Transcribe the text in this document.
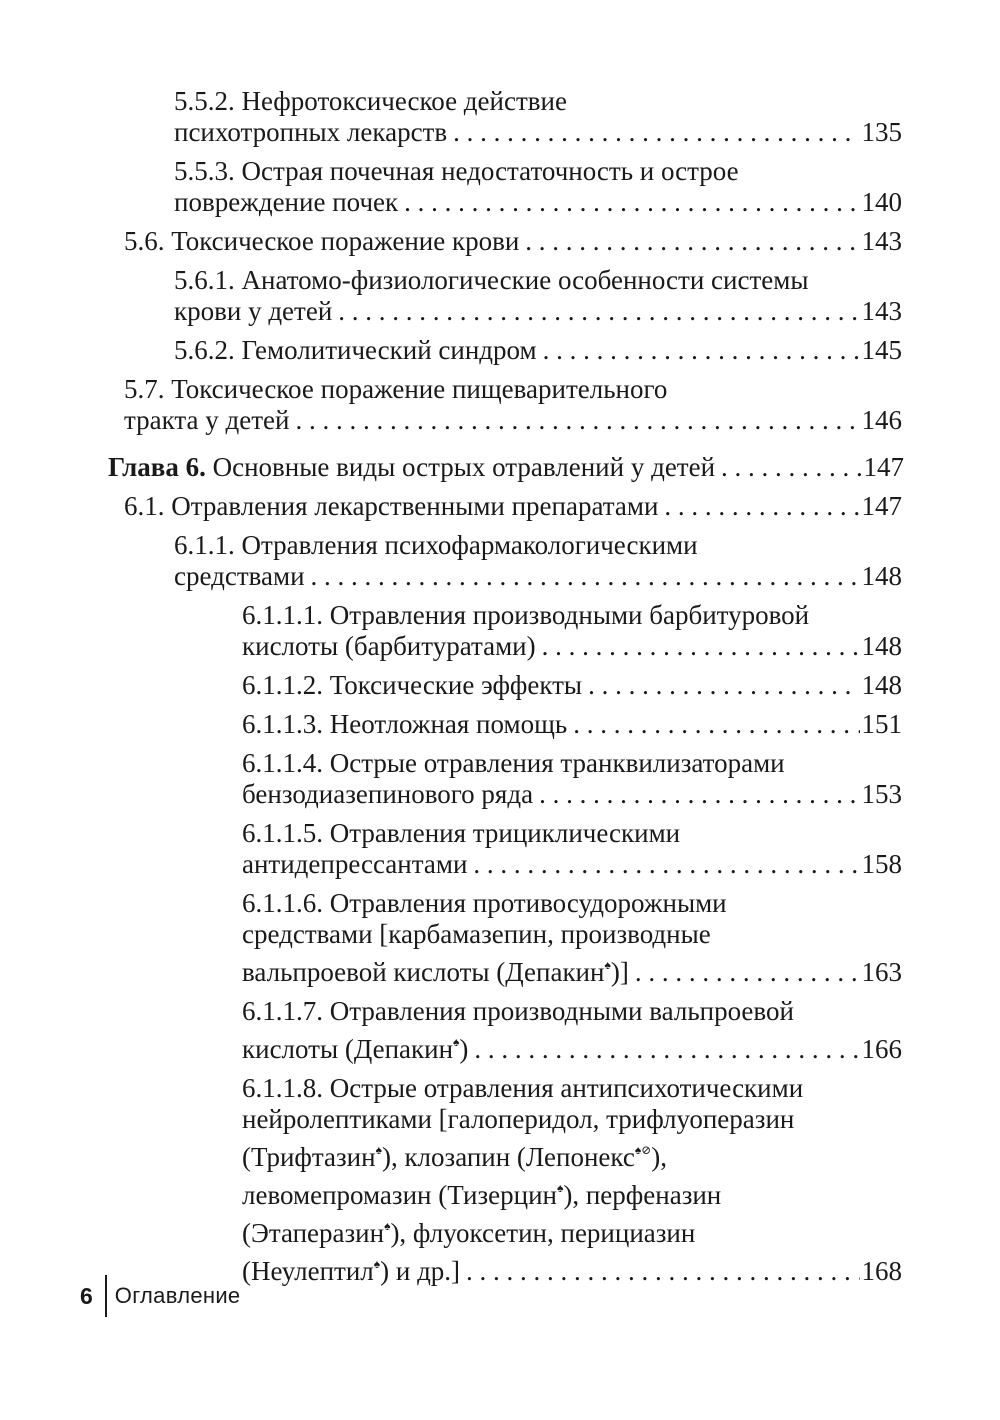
5.5.2. Нефротоксическое действие
психотропных лекарств . . .	135
5.5.3. Острая почечная недостаточность и острое
повреждение почек . . .	140
5.6. Токсическое поражение крови . . .	143
5.6.1. Анатомо-физиологические особенности системы
крови у детей . . .	143
5.6.2. Гемолитический синдром . . .	145
5.7. Токсическое поражение пищеварительного
тракта у детей . . .	146
Глава 6. Основные виды острых отравлений у детей . . .	147
6.1. Отравления лекарственными препаратами . . .	147
6.1.1. Отравления психофармакологическими
средствами . . .	148
6.1.1.1. Отравления производными барбитуровой
кислоты (барбитуратами) . . .	148
6.1.1.2. Токсические эффекты . . .	148
6.1.1.3. Неотложная помощь . . .	151
6.1.1.4. Острые отравления транквилизаторами
бензодиазепинового ряда . . .	153
6.1.1.5. Отравления трициклическими
антидепрессантами . . .	158
6.1.1.6. Отравления противосудорожными
средствами [карбамазепин, производные
вальпроевой кислоты (Депакин♠)] . . .	163
6.1.1.7. Отравления производными вальпроевой
кислоты (Депакин♠) . . .	166
6.1.1.8. Острые отравления антипсихотическими
нейролептиками [галоперидол, трифлуоперазин
(Трифтазин♠), клозапин (Лепонекс♠⊘),
левомепромазин (Тизерцин♠), перфеназин
(Этаперазин♠), флуоксетин, перициазин
(Неулептил♠) и др.] . . .	168
6 Оглавление
